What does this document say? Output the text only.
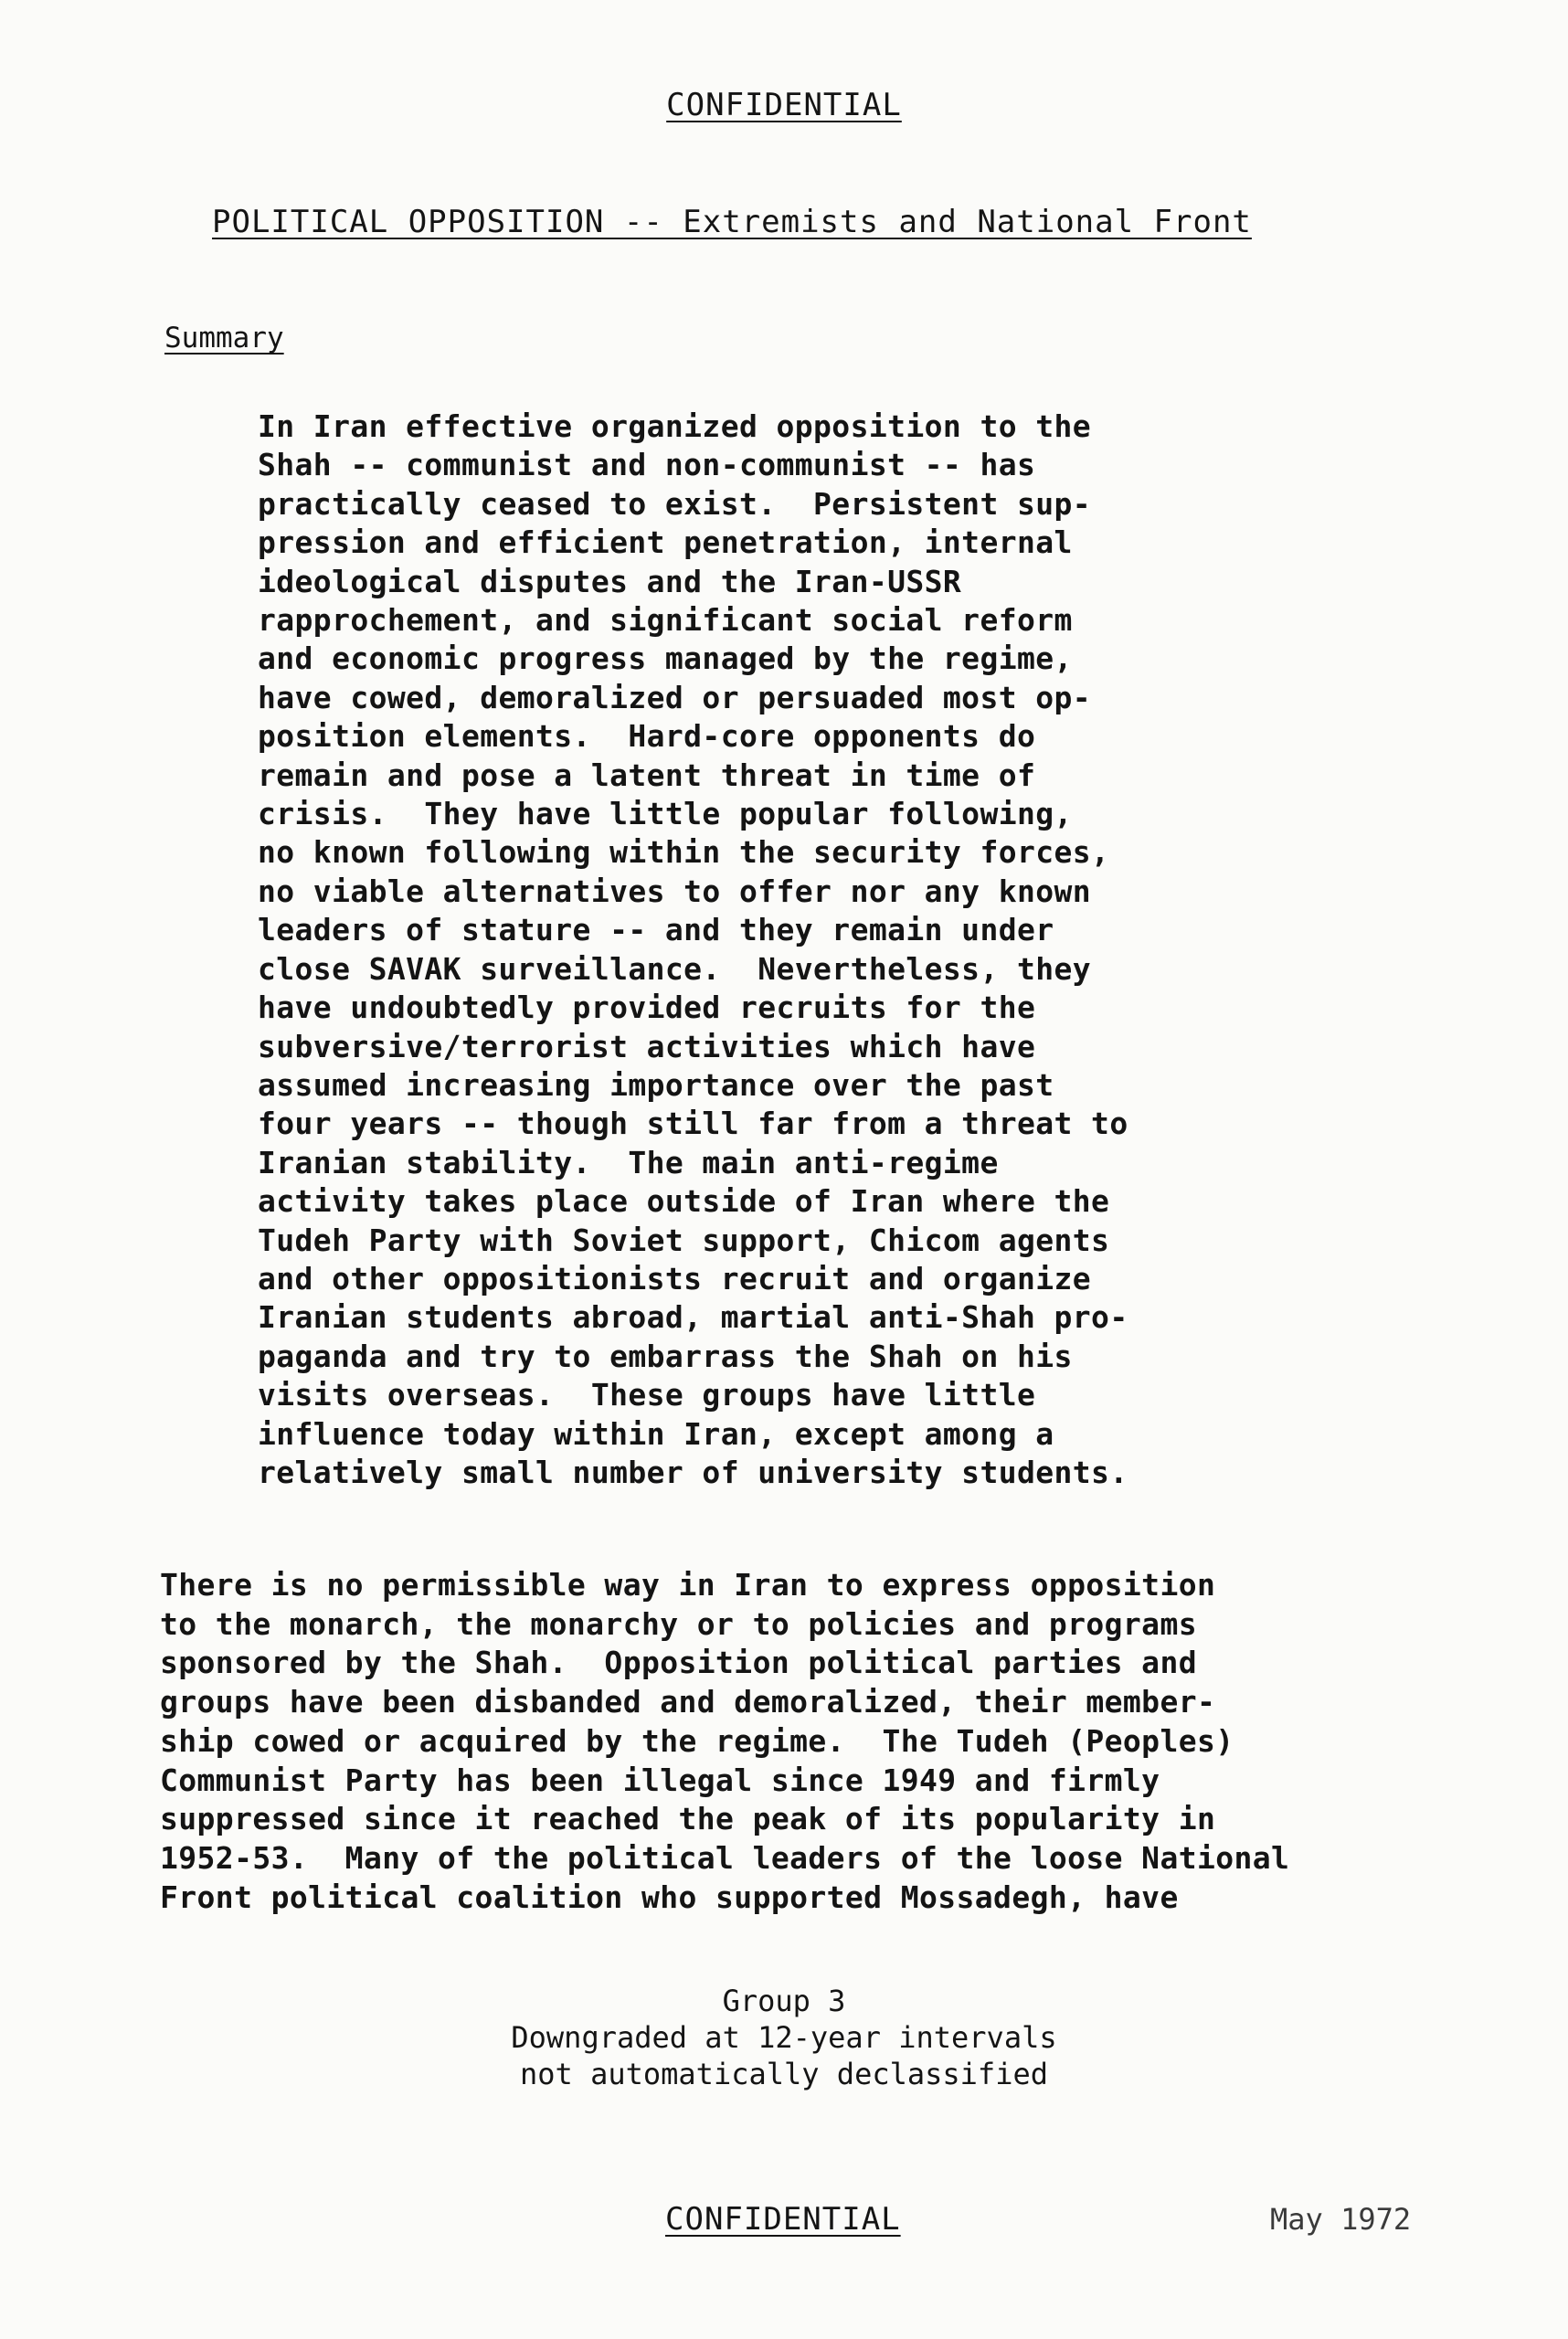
CONFIDENTIAL
POLITICAL OPPOSITION -- Extremists and National Front
Summary
In Iran effective organized opposition to the
Shah -- communist and non-communist -- has
practically ceased to exist.  Persistent sup-
pression and efficient penetration, internal
ideological disputes and the Iran-USSR
rapprochement, and significant social reform
and economic progress managed by the regime,
have cowed, demoralized or persuaded most op-
position elements.  Hard-core opponents do
remain and pose a latent threat in time of
crisis.  They have little popular following,
no known following within the security forces,
no viable alternatives to offer nor any known
leaders of stature -- and they remain under
close SAVAK surveillance.  Nevertheless, they
have undoubtedly provided recruits for the
subversive/terrorist activities which have
assumed increasing importance over the past
four years -- though still far from a threat to
Iranian stability.  The main anti-regime
activity takes place outside of Iran where the
Tudeh Party with Soviet support, Chicom agents
and other oppositionists recruit and organize
Iranian students abroad, martial anti-Shah pro-
paganda and try to embarrass the Shah on his
visits overseas.  These groups have little
influence today within Iran, except among a
relatively small number of university students.
There is no permissible way in Iran to express opposition
to the monarch, the monarchy or to policies and programs
sponsored by the Shah.  Opposition political parties and
groups have been disbanded and demoralized, their member-
ship cowed or acquired by the regime.  The Tudeh (Peoples)
Communist Party has been illegal since 1949 and firmly
suppressed since it reached the peak of its popularity in
1952-53.  Many of the political leaders of the loose National
Front political coalition who supported Mossadegh, have
Group 3
Downgraded at 12-year intervals
not automatically declassified
CONFIDENTIAL	May 1972
